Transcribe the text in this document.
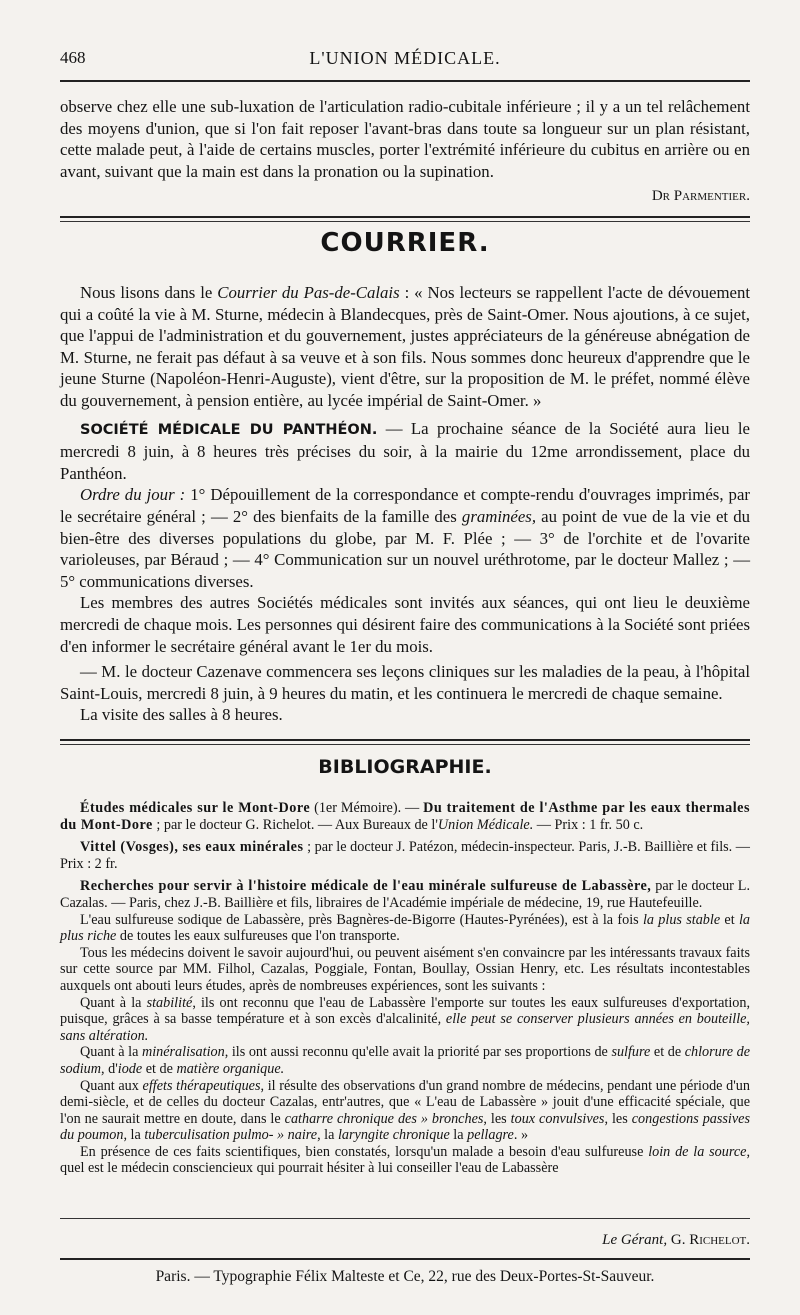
468	L'UNION MÉDICALE.

observe chez elle une sub-luxation de l'articulation radio-cubitale inférieure ; il y a un tel relâchement des moyens d'union, que si l'on fait reposer l'avant-bras dans toute sa longueur sur un plan résistant, cette malade peut, à l'aide de certains muscles, porter l'extrémité inférieure du cubitus en arrière ou en avant, suivant que la main est dans la pronation ou la supination.

Dr Parmentier.

COURRIER.

Nous lisons dans le Courrier du Pas-de-Calais : « Nos lecteurs se rappellent l'acte de dévouement qui a coûté la vie à M. Sturne, médecin à Blandecques, près de Saint-Omer. Nous ajoutions, à ce sujet, que l'appui de l'administration et du gouvernement, justes appréciateurs de la généreuse abnégation de M. Sturne, ne ferait pas défaut à sa veuve et à son fils. Nous sommes donc heureux d'apprendre que le jeune Sturne (Napoléon-Henri-Auguste), vient d'être, sur la proposition de M. le préfet, nommé élève du gouvernement, à pension entière, au lycée impérial de Saint-Omer. »

SOCIÉTÉ MÉDICALE DU PANTHÉON. — La prochaine séance de la Société aura lieu le mercredi 8 juin, à 8 heures très précises du soir, à la mairie du 12me arrondissement, place du Panthéon.

Ordre du jour : 1° Dépouillement de la correspondance et compte-rendu d'ouvrages imprimés, par le secrétaire général ; — 2° des bienfaits de la famille des graminées, au point de vue de la vie et du bien-être des diverses populations du globe, par M. F. Plée ; — 3° de l'orchite et de l'ovarite varioleuses, par Béraud ; — 4° Communication sur un nouvel uréthrotome, par le docteur Mallez ; — 5° communications diverses.

Les membres des autres Sociétés médicales sont invités aux séances, qui ont lieu le deuxième mercredi de chaque mois. Les personnes qui désirent faire des communications à la Société sont priées d'en informer le secrétaire général avant le 1er du mois.

— M. le docteur Cazenave commencera ses leçons cliniques sur les maladies de la peau, à l'hôpital Saint-Louis, mercredi 8 juin, à 9 heures du matin, et les continuera le mercredi de chaque semaine.

La visite des salles à 8 heures.

BIBLIOGRAPHIE.

Études médicales sur le Mont-Dore (1er Mémoire). — Du traitement de l'Asthme par les eaux thermales du Mont-Dore ; par le docteur G. Richelot. — Aux Bureaux de l'Union Médicale. — Prix : 1 fr. 50 c.

Vittel (Vosges), ses eaux minérales ; par le docteur J. Patézon, médecin-inspecteur. Paris, J.-B. Baillière et fils. — Prix : 2 fr.

Recherches pour servir à l'histoire médicale de l'eau minérale sulfureuse de Labassère, par le docteur L. Cazalas. — Paris, chez J.-B. Baillière et fils, libraires de l'Académie impériale de médecine, 19, rue Hautefeuille.

L'eau sulfureuse sodique de Labassère, près Bagnères-de-Bigorre (Hautes-Pyrénées), est à la fois la plus stable et la plus riche de toutes les eaux sulfureuses que l'on transporte.

Tous les médecins doivent le savoir aujourd'hui, ou peuvent aisément s'en convaincre par les intéressants travaux faits sur cette source par MM. Filhol, Cazalas, Poggiale, Fontan, Boullay, Ossian Henry, etc. Les résultats incontestables auxquels ont abouti leurs études, après de nombreuses expériences, sont les suivants :

Quant à la stabilité, ils ont reconnu que l'eau de Labassère l'emporte sur toutes les eaux sulfureuses d'exportation, puisque, grâces à sa basse température et à son excès d'alcalinité, elle peut se conserver plusieurs années en bouteille, sans altération.

Quant à la minéralisation, ils ont aussi reconnu qu'elle avait la priorité par ses proportions de sulfure et de chlorure de sodium, d'iode et de matière organique.

Quant aux effets thérapeutiques, il résulte des observations d'un grand nombre de médecins, pendant une période d'un demi-siècle, et de celles du docteur Cazalas, entr'autres, que « L'eau de Labassère » jouit d'une efficacité spéciale, que l'on ne saurait mettre en doute, dans le catharre chronique des » bronches, les toux convulsives, les congestions passives du poumon, la tuberculisation pulmo- » naire, la laryngite chronique la pellagre. »

En présence de ces faits scientifiques, bien constatés, lorsqu'un malade a besoin d'eau sulfureuse loin de la source, quel est le médecin consciencieux qui pourrait hésiter à lui conseiller l'eau de Labassère

Le Gérant, G. Richelot.
Paris. — Typographie Félix Malteste et Ce, 22, rue des Deux-Portes-St-Sauveur.
